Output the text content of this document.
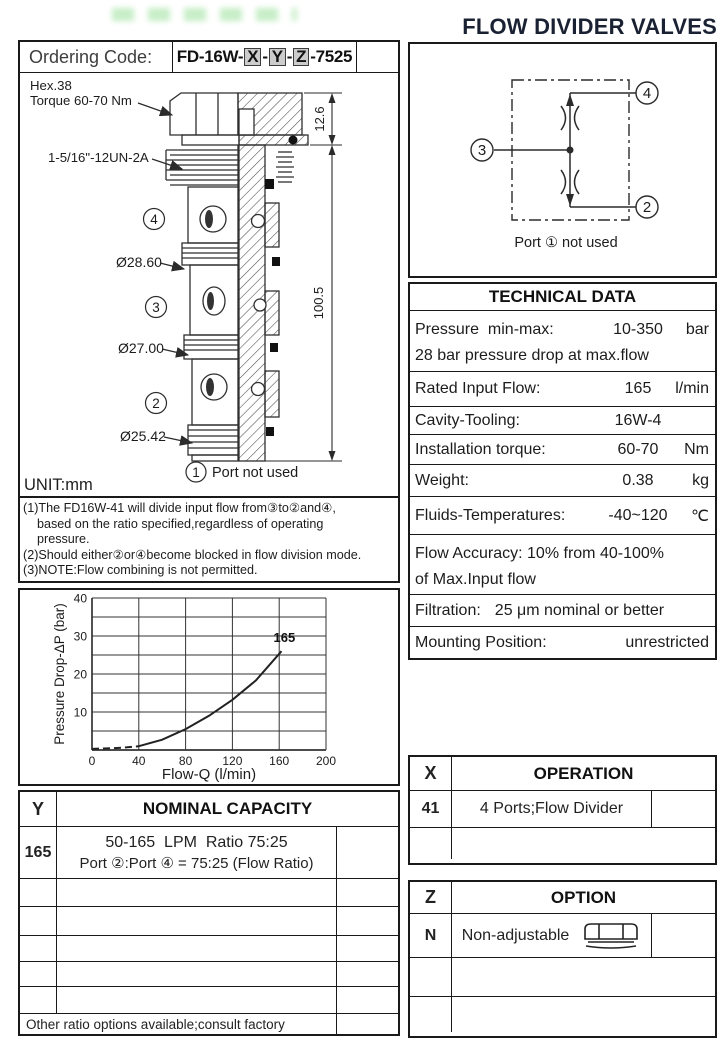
FLOW DIVIDER VALVES
Ordering Code:	FD-16W- X - Y - Z -7525
12.6
100.5
Hex.38
Torque 60-70 Nm
1-5/16"-12UN-2A
Ø28.60
Ø27.00
Ø25.42
4
3
2
1 Port not used
UNIT:mm
(1)The FD16W-41 will divide input flow from③to②and④,
based on the ratio specified,regardless of operating
pressure.
(2)Should either②or④become blocked in flow division mode.
(3)NOTE:Flow combining is not permitted.
Flow-Q (l/min)
Pressure Drop-ΔP (bar)
0	40	80	120 160 200
10
20
30
40
165
Y	NOMINAL CAPACITY
165
50-165  LPM  Ratio 75:25
Port ②:Port ④ = 75:25 (Flow Ratio)
Other ratio options available;consult factory
4
3
2
Port ① not used
TECHNICAL DATA
Pressure  min-max:	10-350	bar
28 bar pressure drop at max.flow
Rated Input Flow:	165	l/min
Cavity-Tooling:	16W-4
Installation torque:	60-70	Nm
Weight:	0.38	kg
Fluids-Temperatures:	-40~120	℃
Flow Accuracy: 10% from 40-100%
of Max.Input flow
Filtration: 25 μm nominal or better
Mounting Position:	unrestricted
X	OPERATION
41	4 Ports;Flow Divider
Z	OPTION
N	Non-adjustable
